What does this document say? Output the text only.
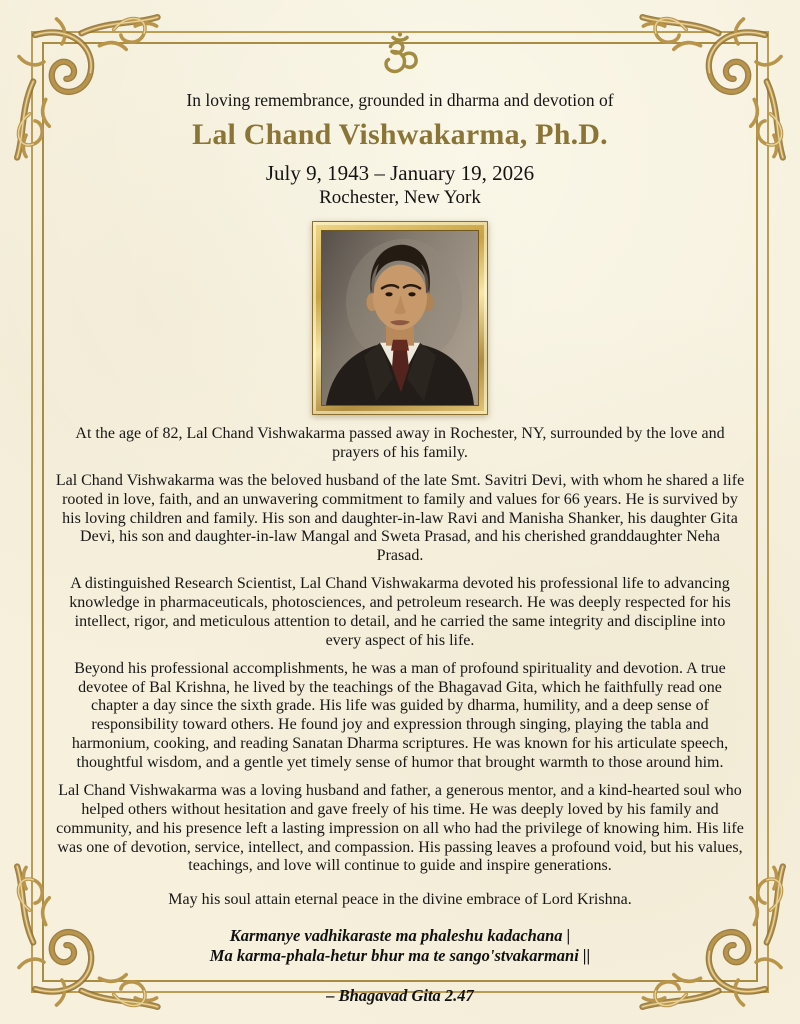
In loving remembrance, grounded in dharma and devotion of
Lal Chand Vishwakarma, Ph.D.
July 9, 1943 – January 19, 2026
Rochester, New York

At the age of 82, Lal Chand Vishwakarma passed away in Rochester, NY, surrounded by the love and prayers of his family.

Lal Chand Vishwakarma was the beloved husband of the late Smt. Savitri Devi, with whom he shared a life rooted in love, faith, and an unwavering commitment to family and values for 66 years. He is survived by his loving children and family. His son and daughter-in-law Ravi and Manisha Shanker, his daughter Gita Devi, his son and daughter-in-law Mangal and Sweta Prasad, and his cherished granddaughter Neha Prasad.

A distinguished Research Scientist, Lal Chand Vishwakarma devoted his professional life to advancing knowledge in pharmaceuticals, photosciences, and petroleum research. He was deeply respected for his intellect, rigor, and meticulous attention to detail, and he carried the same integrity and discipline into every aspect of his life.

Beyond his professional accomplishments, he was a man of profound spirituality and devotion. A true devotee of Bal Krishna, he lived by the teachings of the Bhagavad Gita, which he faithfully read one chapter a day since the sixth grade. His life was guided by dharma, humility, and a deep sense of responsibility toward others. He found joy and expression through singing, playing the tabla and harmonium, cooking, and reading Sanatan Dharma scriptures. He was known for his articulate speech, thoughtful wisdom, and a gentle yet timely sense of humor that brought warmth to those around him.

Lal Chand Vishwakarma was a loving husband and father, a generous mentor, and a kind-hearted soul who helped others without hesitation and gave freely of his time. He was deeply loved by his family and community, and his presence left a lasting impression on all who had the privilege of knowing him. His life was one of devotion, service, intellect, and compassion. His passing leaves a profound void, but his values, teachings, and love will continue to guide and inspire generations.

May his soul attain eternal peace in the divine embrace of Lord Krishna.
Karmanye vadhikaraste ma phaleshu kadachana |
Ma karma-phala-hetur bhur ma te sango'stvakarmani ||
– Bhagavad Gita 2.47
